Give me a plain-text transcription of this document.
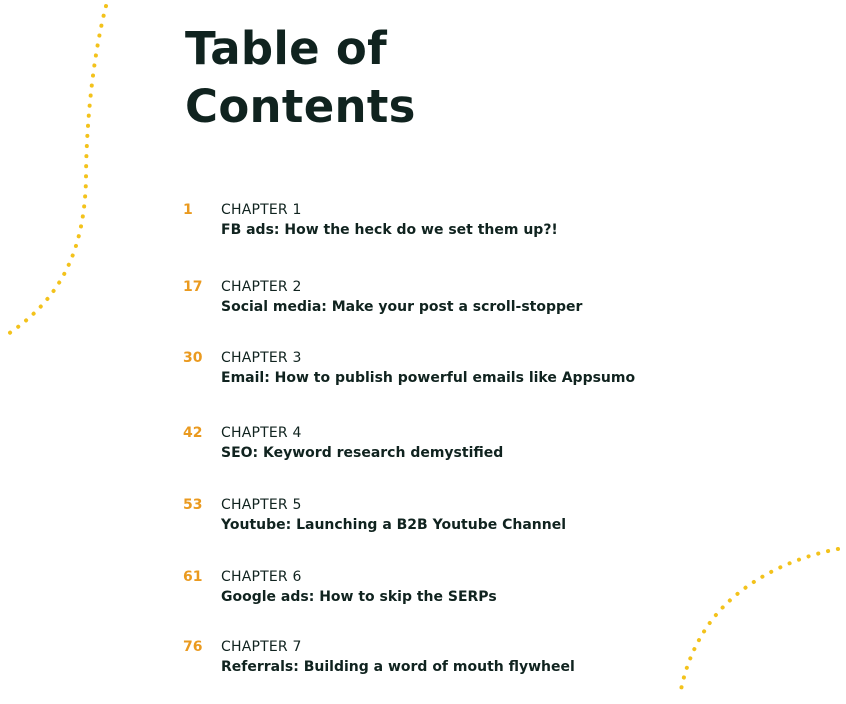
Table of
Contents
1 CHAPTER 1
FB ads: How the heck do we set them up?!
17 CHAPTER 2
Social media: Make your post a scroll-stopper
30 CHAPTER 3
Email: How to publish powerful emails like Appsumo
42 CHAPTER 4
SEO: Keyword research demystified
53 CHAPTER 5
Youtube: Launching a B2B Youtube Channel
61 CHAPTER 6
Google ads: How to skip the SERPs
76 CHAPTER 7
Referrals: Building a word of mouth flywheel
